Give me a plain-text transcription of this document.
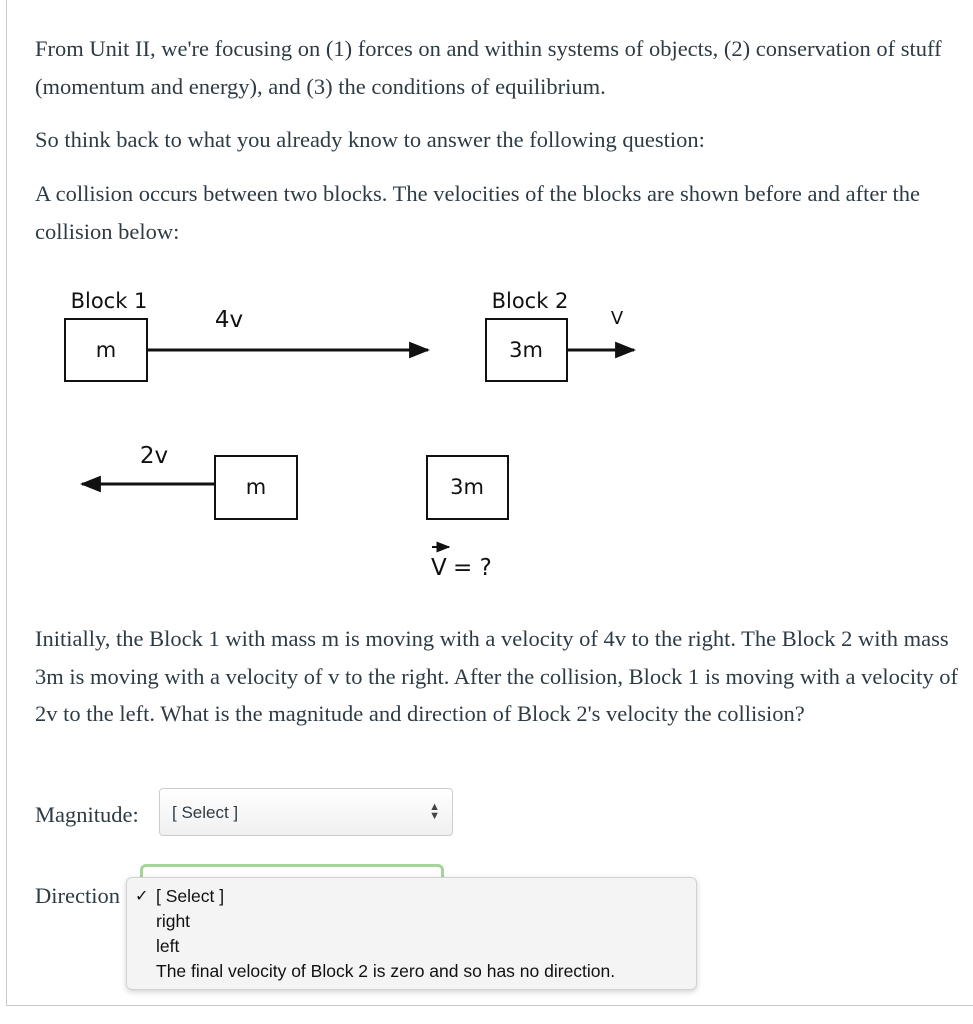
From Unit II, we're focusing on (1) forces on and within systems of objects, (2) conservation of stuff (momentum and energy), and (3) the conditions of equilibrium.

So think back to what you already know to answer the following question:

A collision occurs between two blocks. The velocities of the blocks are shown before and after the collision below:

Block 1
m
4v
Block 2
3m
V
2v
m	3m
V = ?

Initially, the Block 1 with mass m is moving with a velocity of 4v to the right. The Block 2 with mass 3m is moving with a velocity of v to the right. After the collision, Block 1 is moving with a velocity of 2v to the left. What is the magnitude and direction of Block 2's velocity the collision?

Magnitude:	[ Select ]	▲
▼
Direction ✓ [ Select ]
right
left
The final velocity of Block 2 is zero and so has no direction.
